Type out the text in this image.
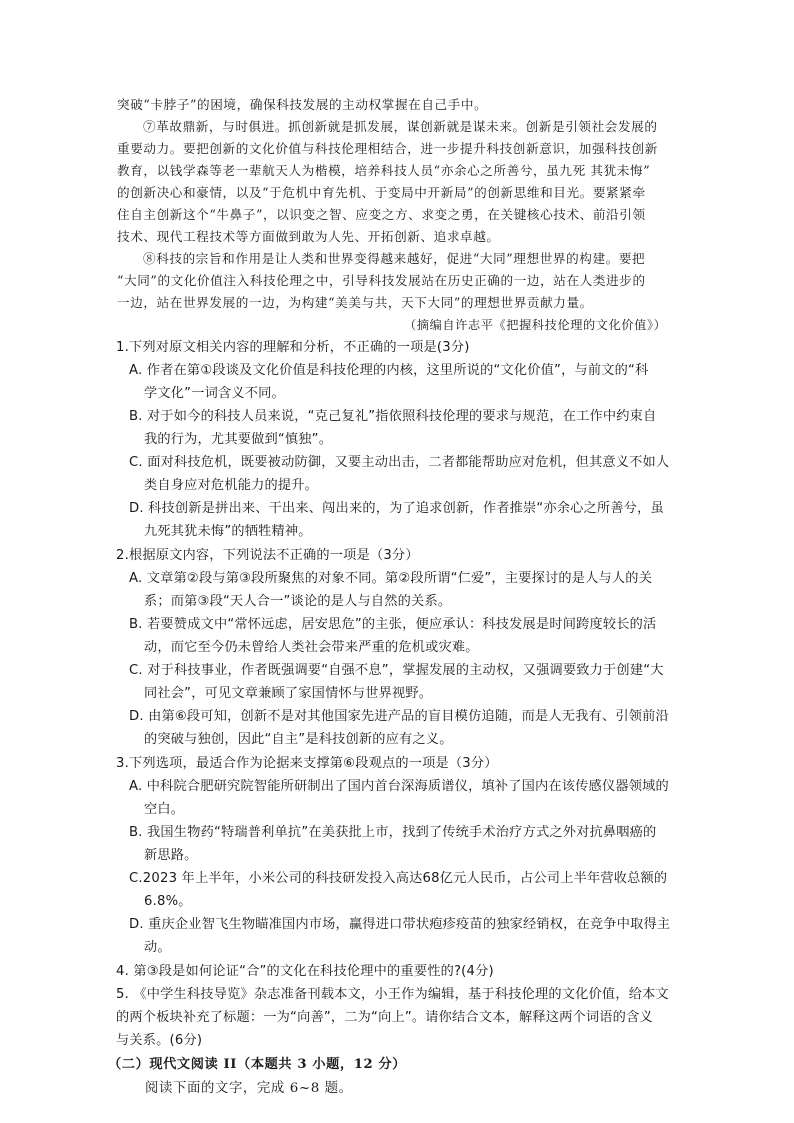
突破“卡脖子”的困境，确保科技发展的主动权掌握在自己手中。
⑦革故鼎新，与时俱进。抓创新就是抓发展，谋创新就是谋未来。创新是引领社会发展的
重要动力。要把创新的文化价值与科技伦理相结合，进一步提升科技创新意识，加强科技创新
教育，以钱学森等老一辈航天人为楷模，培养科技人员“亦余心之所善兮，虽九死 其犹未悔”
的创新决心和豪情，以及“于危机中育先机、于变局中开新局”的创新思维和目光。要紧紧牵
住自主创新这个“牛鼻子”，以识变之智、应变之方、求变之勇，在关键核心技术、前沿引领
技术、现代工程技术等方面做到敢为人先、开拓创新、追求卓越。
⑧科技的宗旨和作用是让人类和世界变得越来越好，促进“大同”理想世界的构建。要把
“大同”的文化价值注入科技伦理之中，引导科技发展站在历史正确的一边，站在人类进步的
一边，站在世界发展的一边，为构建“美美与共，天下大同”的理想世界贡献力量。
（摘编自许志平《把握科技伦理的文化价值》）
1.下列对原文相关内容的理解和分析，不正确的一项是(3分)
A. 作者在第①段谈及文化价值是科技伦理的内核，这里所说的“文化价值”，与前文的“科
学文化”一词含义不同。
B. 对于如今的科技人员来说，“克己复礼”指依照科技伦理的要求与规范，在工作中约束自
我的行为，尤其要做到“慎独”。
C. 面对科技危机，既要被动防御，又要主动出击，二者都能帮助应对危机，但其意义不如人
类自身应对危机能力的提升。
D. 科技创新是拼出来、干出来、闯出来的，为了追求创新，作者推崇“亦余心之所善兮，虽
九死其犹未悔”的牺牲精神。
2.根据原文内容，下列说法不正确的一项是（3分）
A. 文章第②段与第③段所聚焦的对象不同。第②段所谓“仁爱”，主要探讨的是人与人的关
系；而第③段“天人合一”谈论的是人与自然的关系。
B. 若要赞成文中“常怀远虑，居安思危”的主张，便应承认：科技发展是时间跨度较长的活
动，而它至今仍未曾给人类社会带来严重的危机或灾难。
C. 对于科技事业，作者既强调要“自强不息”，掌握发展的主动权，又强调要致力于创建“大
同社会”，可见文章兼顾了家国情怀与世界视野。
D. 由第⑥段可知，创新不是对其他国家先进产品的盲目模仿追随，而是人无我有、引领前沿
的突破与独创，因此“自主”是科技创新的应有之义。
3.下列选项，最适合作为论据来支撑第⑥段观点的一项是（3分）
A. 中科院合肥研究院智能所研制出了国内首台深海质谱仪，填补了国内在该传感仪器领域的
空白。
B. 我国生物药“特瑞普利单抗”在美获批上市，找到了传统手术治疗方式之外对抗鼻咽癌的
新思路。
C.2023 年上半年，小米公司的科技研发投入高达68亿元人民币，占公司上半年营收总额的
6.8%。
D. 重庆企业智飞生物瞄准国内市场，赢得进口带状疱疹疫苗的独家经销权，在竞争中取得主
动。
4. 第③段是如何论证“合”的文化在科技伦理中的重要性的?(4分)
5. 《中学生科技导览》杂志准备刊载本文，小王作为编辑，基于科技伦理的文化价值，给本文
的两个板块补充了标题：一为“向善”，二为“向上”。请你结合文本，解释这两个词语的含义
与关系。(6分)
（二）现代文阅读 II（本题共 3 小题，12 分）
阅读下面的文字，完成 6~8 题。
